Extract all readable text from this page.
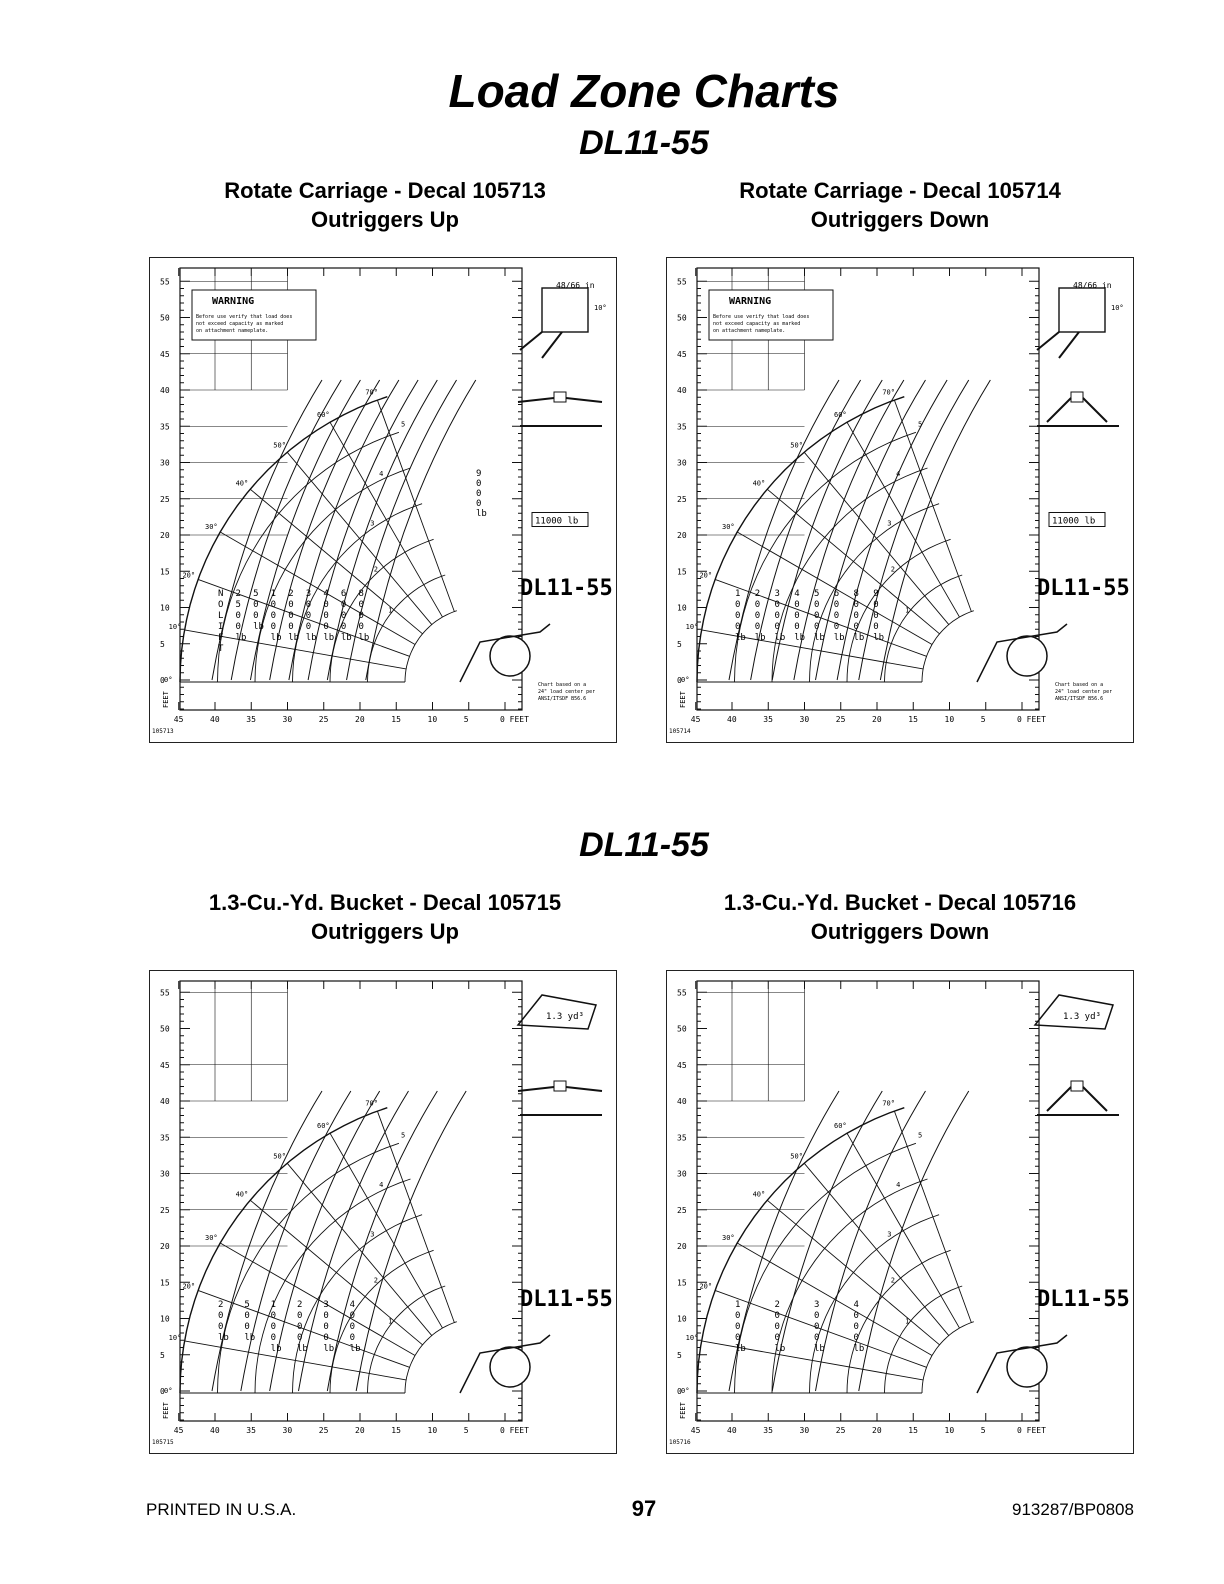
Load Zone Charts
DL11-55
Rotate Carriage - Decal 105713
Outriggers Up
Rotate Carriage - Decal 105714
Outriggers Down
55
50
45
40
35
30
25
20
15
10
5
0
FEET
45	40	35	30	25	20	15	10	5	0 FEET
105713
70°
60°
50°
40°
30°
20°
10°
0°
5
4
3
2
1
N
O
L
I
F
T
2
5
0
0
lb
5
0
0
lb
1
0
0
0
lb
2
0
0
0
lb
3
0
0
0
lb
4
0
0
0
lb
6
0
0
0
lb
8
0
0
0
lb
9
0
0
0
lb
DL11-55
11000 lb
WARNING
Before use verify that load does
not exceed capacity as marked
on attachment nameplate.
48/66 in
10°
Chart based on a
24" load center per
ANSI/ITSDF B56.6
55
50
45
40
35
30
25
20
15
10
5
0
FEET
45	40	35	30	25	20	15	10	5	0 FEET
105714
70°
60°
50°
40°
30°
20°
10°
0°
5
4
3
2
1
1
0
0
0
lb
2
0
0
0
lb
3
0
0
0
lb
4
0
0
0
lb
5
0
0
0
lb
6
0
0
0
lb
8
0
0
0
lb
9
0
0
0
lb
DL11-55
11000 lb
WARNING
Before use verify that load does
not exceed capacity as marked
on attachment nameplate.
48/66 in
10°
Chart based on a
24" load center per
ANSI/ITSDF B56.6
DL11-55
1.3-Cu.-Yd. Bucket - Decal 105715
Outriggers Up
1.3-Cu.-Yd. Bucket - Decal 105716
Outriggers Down
55
50
45
40
35
30
25
20
15
10
5
0
FEET
45	40	35	30	25	20	15	10	5	0 FEET
105715
70°
60°
50°
40°
30°
20°
10°
0°
5
4
3
2
1
2
0
0
lb
5
0
0
lb
1
0
0
0
lb
2
0
0
0
lb
3
0
0
0
lb
4
0
0
0
lb
DL11-55
1.3 yd³
55
50
45
40
35
30
25
20
15
10
5
0
FEET
45	40	35	30	25	20	15	10	5	0 FEET
105716
70°
60°
50°
40°
30°
20°
10°
0°
5
4
3
2
1
1
0
0
0
lb
2
0
0
0
lb
3
0
0
0
lb
4
0
0
0
lb
DL11-55
1.3 yd³
PRINTED IN U.S.A.	97	913287/BP0808
